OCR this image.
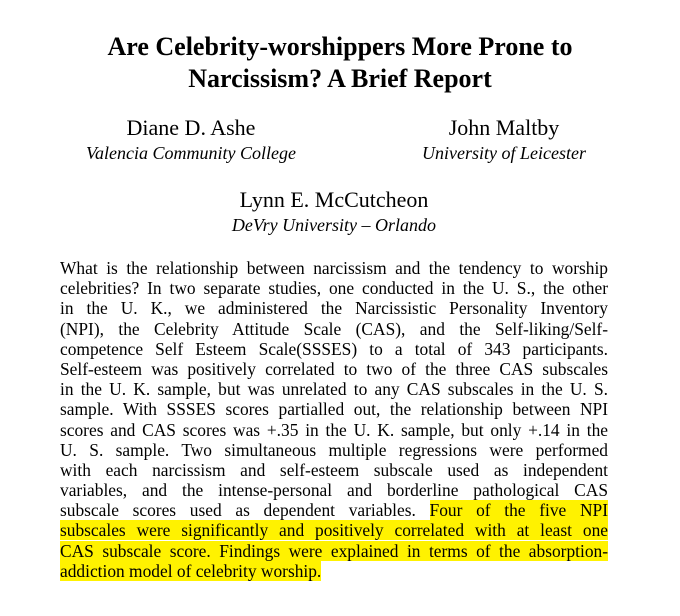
Are Celebrity-worshippers More Prone to
Narcissism? A Brief Report
Diane D. Ashe
Valencia Community College
John Maltby
University of Leicester
Lynn E. McCutcheon
DeVry University – Orlando
What is the relationship between narcissism and the tendency to worship
celebrities? In two separate studies, one conducted in the U. S., the other
in the U. K., we administered the Narcissistic Personality Inventory
(NPI), the Celebrity Attitude Scale (CAS), and the Self-liking/Self-
competence Self Esteem Scale(SSSES) to a total of 343 participants.
Self-esteem was positively correlated to two of the three CAS subscales
in the U. K. sample, but was unrelated to any CAS subscales in the U. S.
sample. With SSSES scores partialled out, the relationship between NPI
scores and CAS scores was +.35 in the U. K. sample, but only +.14 in the
U. S. sample. Two simultaneous multiple regressions were performed
with each narcissism and self-esteem subscale used as independent
variables, and the intense-personal and borderline pathological CAS
subscale scores used as dependent variables. Four of the five NPI
subscales were significantly and positively correlated with at least one
CAS subscale score. Findings were explained in terms of the absorption-
addiction model of celebrity worship.
